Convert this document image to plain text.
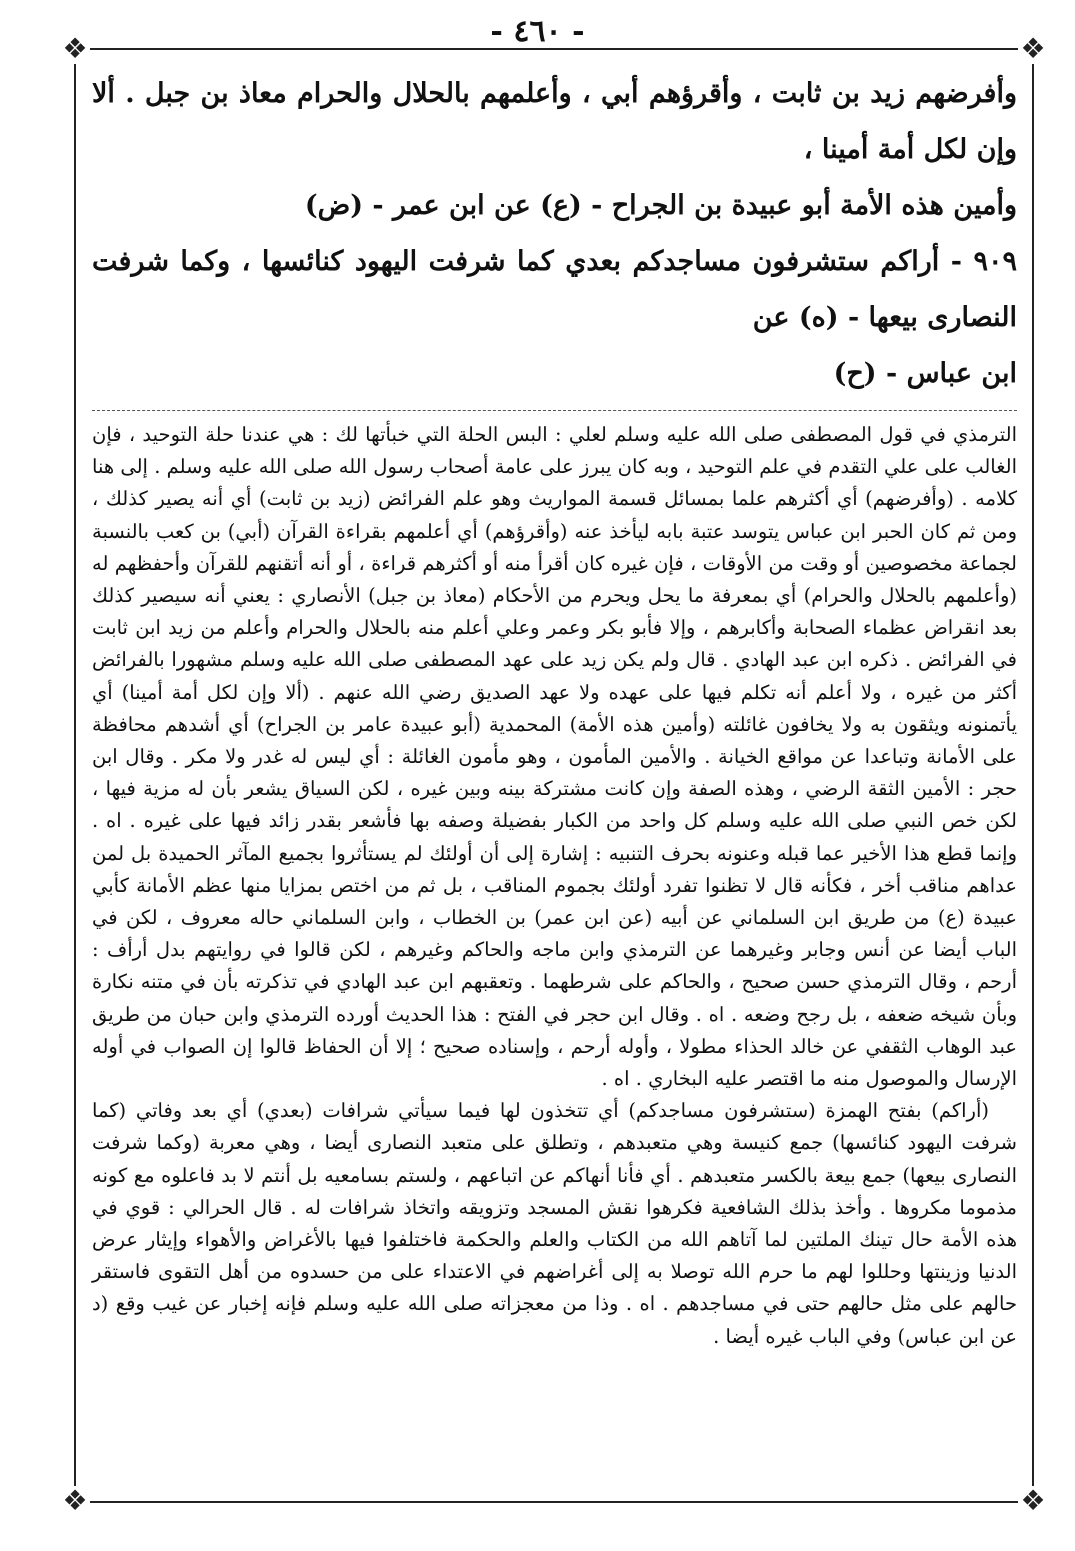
- ٤٦٠ -
❖	❖
❖	❖

وأفرضهم زيد بن ثابت ، وأقرؤهم أبي ، وأعلمهم بالحلال والحرام معاذ بن جبل . ألا وإن لكل أمة أمينا ،

وأمين هذه الأمة أبو عبيدة بن الجراح - (ع) عن ابن عمر - (ض)

٩٠٩ - أراكم ستشرفون مساجدكم بعدي كما شرفت اليهود كنائسها ، وكما شرفت النصارى بيعها - (ه) عن

ابن عباس - (ح)

الترمذي في قول المصطفى صلى الله عليه وسلم لعلي : البس الحلة التي خبأتها لك : هي عندنا حلة التوحيد ، فإن الغالب على علي التقدم في علم التوحيد ، وبه كان يبرز على عامة أصحاب رسول الله صلى الله عليه وسلم . إلى هنا كلامه . (وأفرضهم) أي أكثرهم علما بمسائل قسمة المواريث وهو علم الفرائض (زيد بن ثابت) أي أنه يصير كذلك ، ومن ثم كان الحبر ابن عباس يتوسد عتبة بابه ليأخذ عنه (وأقرؤهم) أي أعلمهم بقراءة القرآن (أبي) بن كعب بالنسبة لجماعة مخصوصين أو وقت من الأوقات ، فإن غيره كان أقرأ منه أو أكثرهم قراءة ، أو أنه أتقنهم للقرآن وأحفظهم له (وأعلمهم بالحلال والحرام) أي بمعرفة ما يحل ويحرم من الأحكام (معاذ بن جبل) الأنصاري : يعني أنه سيصير كذلك بعد انقراض عظماء الصحابة وأكابرهم ، وإلا فأبو بكر وعمر وعلي أعلم منه بالحلال والحرام وأعلم من زيد ابن ثابت في الفرائض . ذكره ابن عبد الهادي . قال ولم يكن زيد على عهد المصطفى صلى الله عليه وسلم مشهورا بالفرائض أكثر من غيره ، ولا أعلم أنه تكلم فيها على عهده ولا عهد الصديق رضي الله عنهم . (ألا وإن لكل أمة أمينا) أي يأتمنونه ويثقون به ولا يخافون غائلته (وأمين هذه الأمة) المحمدية (أبو عبيدة عامر بن الجراح) أي أشدهم محافظة على الأمانة وتباعدا عن مواقع الخيانة . والأمين المأمون ، وهو مأمون الغائلة : أي ليس له غدر ولا مكر . وقال ابن حجر : الأمين الثقة الرضي ، وهذه الصفة وإن كانت مشتركة بينه وبين غيره ، لكن السياق يشعر بأن له مزية فيها ، لكن خص النبي صلى الله عليه وسلم كل واحد من الكبار بفضيلة وصفه بها فأشعر بقدر زائد فيها على غيره . اه . وإنما قطع هذا الأخير عما قبله وعنونه بحرف التنبيه : إشارة إلى أن أولئك لم يستأثروا بجميع المآثر الحميدة بل لمن عداهم مناقب أخر ، فكأنه قال لا تظنوا تفرد أولئك بجموم المناقب ، بل ثم من اختص بمزايا منها عظم الأمانة كأبي عبيدة (ع) من طريق ابن السلماني عن أبيه (عن ابن عمر) بن الخطاب ، وابن السلماني حاله معروف ، لكن في الباب أيضا عن أنس وجابر وغيرهما عن الترمذي وابن ماجه والحاكم وغيرهم ، لكن قالوا في روايتهم بدل أرأف : أرحم ، وقال الترمذي حسن صحيح ، والحاكم على شرطهما . وتعقبهم ابن عبد الهادي في تذكرته بأن في متنه نكارة وبأن شيخه ضعفه ، بل رجح وضعه . اه . وقال ابن حجر في الفتح : هذا الحديث أورده الترمذي وابن حبان من طريق عبد الوهاب الثقفي عن خالد الحذاء مطولا ، وأوله أرحم ، وإسناده صحيح ؛ إلا أن الحفاظ قالوا إن الصواب في أوله الإرسال والموصول منه ما اقتصر عليه البخاري . اه .

(أراكم) بفتح الهمزة (ستشرفون مساجدكم) أي تتخذون لها فيما سيأتي شرافات (بعدي) أي بعد وفاتي (كما شرفت اليهود كنائسها) جمع كنيسة وهي متعبدهم ، وتطلق على متعبد النصارى أيضا ، وهي معربة (وكما شرفت النصارى بيعها) جمع بيعة بالكسر متعبدهم . أي فأنا أنهاكم عن اتباعهم ، ولستم بسامعيه بل أنتم لا بد فاعلوه مع كونه مذموما مكروها . وأخذ بذلك الشافعية فكرهوا نقش المسجد وتزويقه واتخاذ شرافات له . قال الحرالي : قوي في هذه الأمة حال تينك الملتين لما آتاهم الله من الكتاب والعلم والحكمة فاختلفوا فيها بالأغراض والأهواء وإيثار عرض الدنيا وزينتها وحللوا لهم ما حرم الله توصلا به إلى أغراضهم في الاعتداء على من حسدوه من أهل التقوى فاستقر حالهم على مثل حالهم حتى في مساجدهم . اه . وذا من معجزاته صلى الله عليه وسلم فإنه إخبار عن غيب وقع (د عن ابن عباس) وفي الباب غيره أيضا .
